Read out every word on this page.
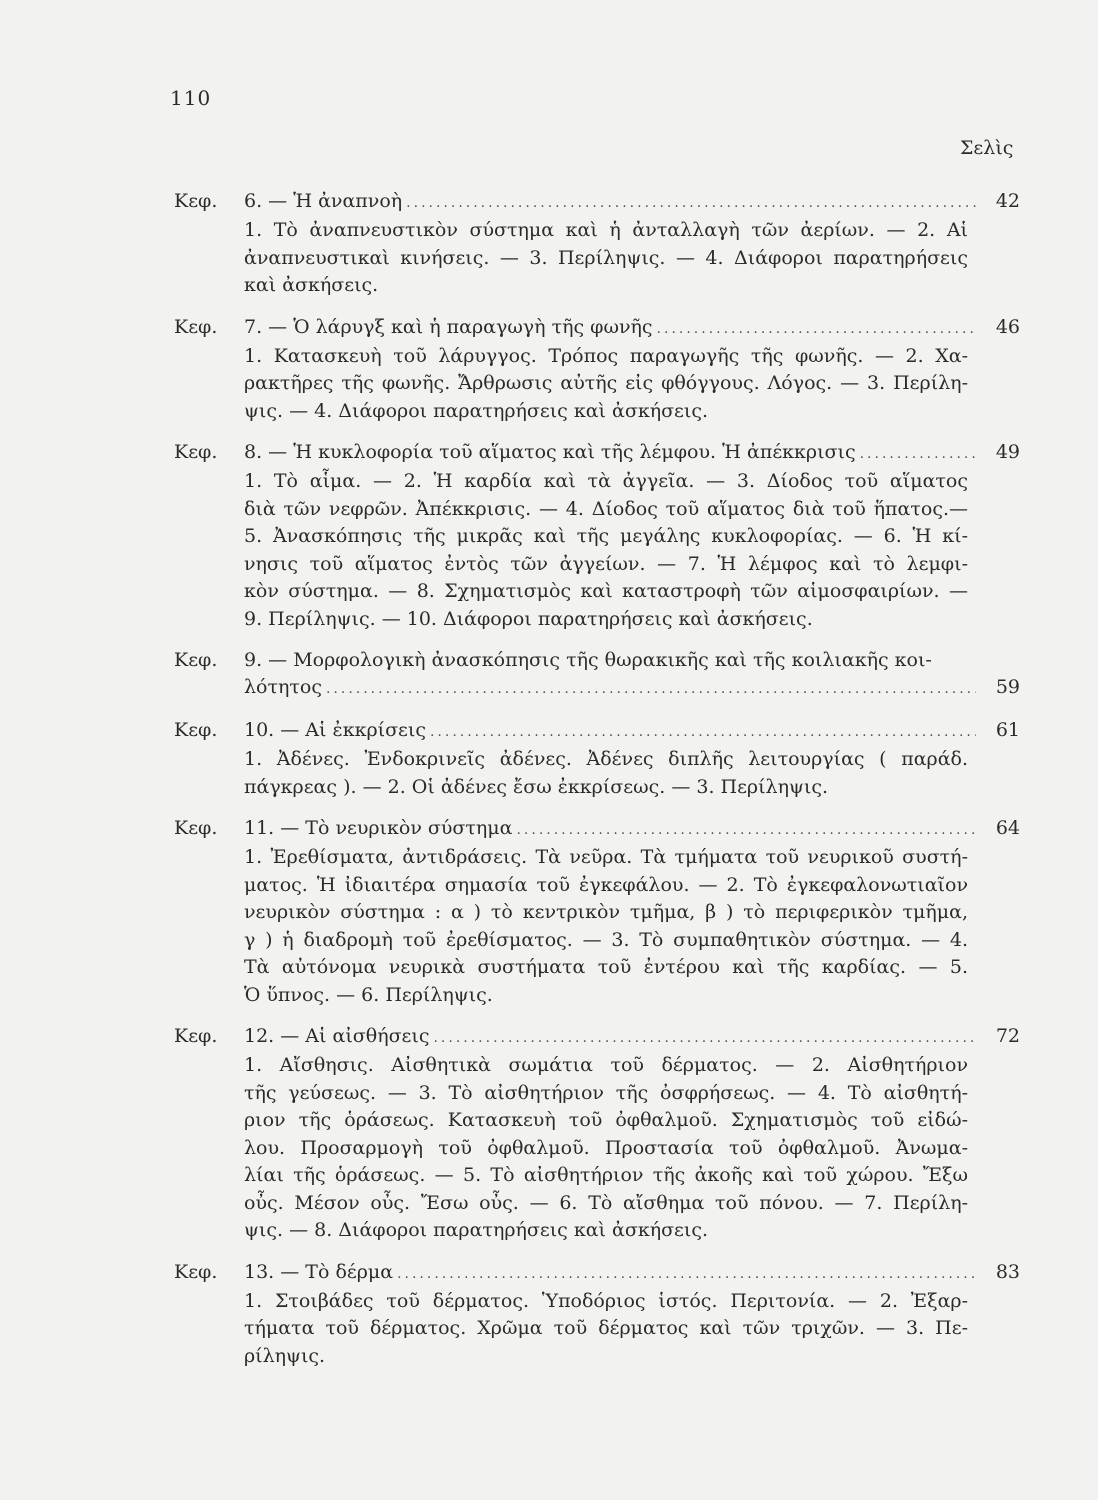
110
Σελὶς
Κεφ.	6. — Ἡ ἀναπνοὴ .....	42
1. Τὸ ἀναπνευστικὸν σύστημα καὶ ἡ ἀνταλλαγὴ τῶν ἀερίων. — 2. Αἱ
ἀναπνευστικαὶ κινήσεις. — 3. Περίληψις. — 4. Διάφοροι παρατηρήσεις
καὶ ἀσκήσεις.
Κεφ.	7. — Ὁ λάρυγξ καὶ ἡ παραγωγὴ τῆς φωνῆς .....	46
1. Κατασκευὴ τοῦ λάρυγγος. Τρόπος παραγωγῆς τῆς φωνῆς. — 2. Χα-
ρακτῆρες τῆς φωνῆς. Ἄρθρωσις αὐτῆς εἰς φθόγγους. Λόγος. — 3. Περίλη-
ψις. — 4. Διάφοροι παρατηρήσεις καὶ ἀσκήσεις.
Κεφ.	8. — Ἡ κυκλοφορία τοῦ αἵματος καὶ τῆς λέμφου. Ἡ ἀπέκκρισις .....	49
1. Τὸ αἷμα. — 2. Ἡ καρδία καὶ τὰ ἀγγεῖα. — 3. Δίοδος τοῦ αἵματος
διὰ τῶν νεφρῶν. Ἀπέκκρισις. — 4. Δίοδος τοῦ αἵματος διὰ τοῦ ἥπατος.—
5. Ἀνασκόπησις τῆς μικρᾶς καὶ τῆς μεγάλης κυκλοφορίας. — 6. Ἡ κί-
νησις τοῦ αἵματος ἐντὸς τῶν ἀγγείων. — 7. Ἡ λέμφος καὶ τὸ λεμφι-
κὸν σύστημα. — 8. Σχηματισμὸς καὶ καταστροφὴ τῶν αἱμοσφαιρίων. —
9. Περίληψις. — 10. Διάφοροι παρατηρήσεις καὶ ἀσκήσεις.
Κεφ.	9. — Μορφολογικὴ ἀνασκόπησις τῆς θωρακικῆς καὶ τῆς κοιλιακῆς κοι-
λότητος .....	59
Κεφ.	10. — Αἱ ἐκκρίσεις .....	61
1. Ἀδένες. Ἐνδοκρινεῖς ἀδένες. Ἀδένες διπλῆς λειτουργίας ( παράδ.
πάγκρεας ). — 2. Οἱ ἀδένες ἔσω ἐκκρίσεως. — 3. Περίληψις.
Κεφ.	11. — Τὸ νευρικὸν σύστημα .....	64
1. Ἐρεθίσματα, ἀντιδράσεις. Τὰ νεῦρα. Τὰ τμήματα τοῦ νευρικοῦ συστή-
ματος. Ἡ ἰδιαιτέρα σημασία τοῦ ἐγκεφάλου. — 2. Τὸ ἐγκεφαλονωτιαῖον
νευρικὸν σύστημα : α ) τὸ κεντρικὸν τμῆμα, β ) τὸ περιφερικὸν τμῆμα,
γ ) ἡ διαδρομὴ τοῦ ἐρεθίσματος. — 3. Τὸ συμπαθητικὸν σύστημα. — 4.
Τὰ αὐτόνομα νευρικὰ συστήματα τοῦ ἐντέρου καὶ τῆς καρδίας. — 5.
Ὁ ὕπνος. — 6. Περίληψις.
Κεφ.	12. — Αἱ αἰσθήσεις .....	72
1. Αἴσθησις. Αἰσθητικὰ σωμάτια τοῦ δέρματος. — 2. Αἰσθητήριον
τῆς γεύσεως. — 3. Τὸ αἰσθητήριον τῆς ὀσφρήσεως. — 4. Τὸ αἰσθητή-
ριον τῆς ὁράσεως. Κατασκευὴ τοῦ ὀφθαλμοῦ. Σχηματισμὸς τοῦ εἰδώ-
λου. Προσαρμογὴ τοῦ ὀφθαλμοῦ. Προστασία τοῦ ὀφθαλμοῦ. Ἀνωμα-
λίαι τῆς ὁράσεως. — 5. Τὸ αἰσθητήριον τῆς ἀκοῆς καὶ τοῦ χώρου. Ἔξω
οὖς. Μέσον οὖς. Ἔσω οὖς. — 6. Τὸ αἴσθημα τοῦ πόνου. — 7. Περίλη-
ψις. — 8. Διάφοροι παρατηρήσεις καὶ ἀσκήσεις.
Κεφ.	13. — Τὸ δέρμα .....	83
1. Στοιβάδες τοῦ δέρματος. Ὑποδόριος ἱστός. Περιτονία. — 2. Ἐξαρ-
τήματα τοῦ δέρματος. Χρῶμα τοῦ δέρματος καὶ τῶν τριχῶν. — 3. Πε-
ρίληψις.
